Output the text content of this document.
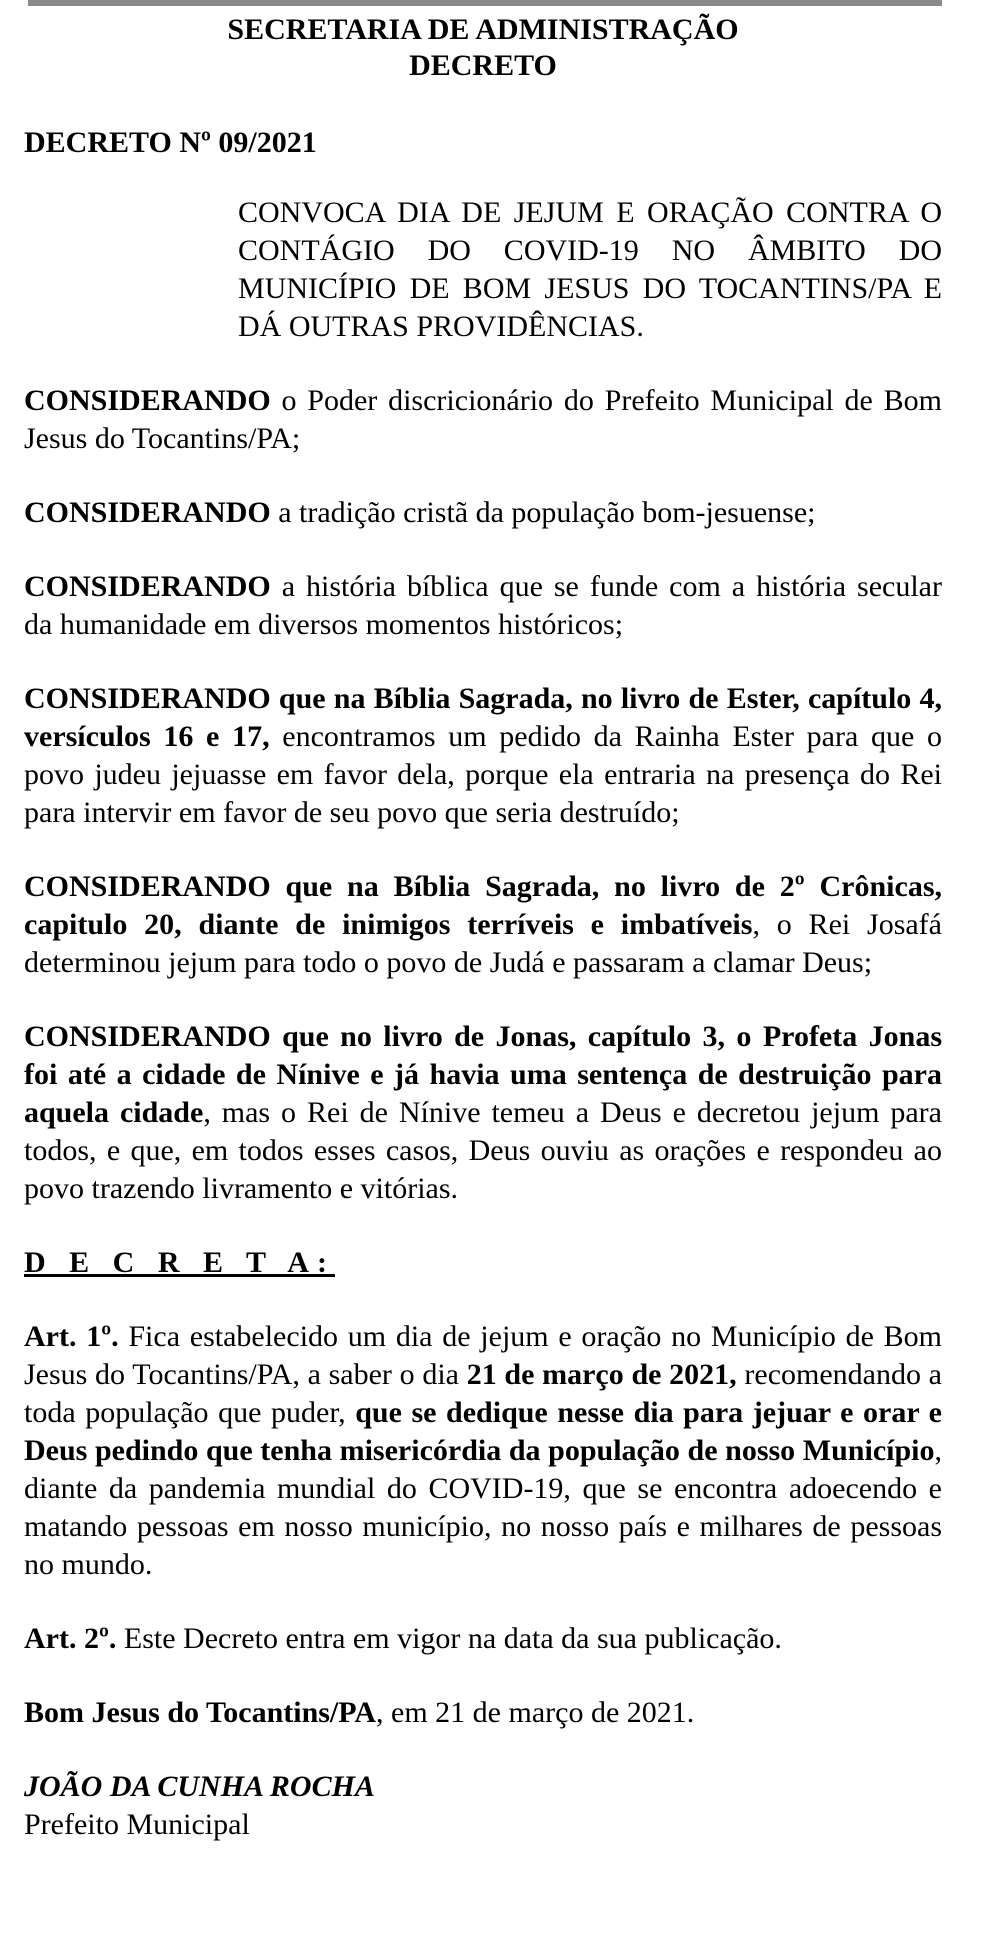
SECRETARIA DE ADMINISTRAÇÃO

DECRETO

DECRETO Nº 09/2021

CONVOCA DIA DE JEJUM E ORAÇÃO CONTRA O CONTÁGIO DO COVID-19 NO ÂMBITO DO MUNICÍPIO DE BOM JESUS DO TOCANTINS/PA E DÁ OUTRAS PROVIDÊNCIAS.

CONSIDERANDO o Poder discricionário do Prefeito Municipal de Bom Jesus do Tocantins/PA;

CONSIDERANDO a tradição cristã da população bom-jesuense;

CONSIDERANDO a história bíblica que se funde com a história secular da humanidade em diversos momentos históricos;

CONSIDERANDO que na Bíblia Sagrada, no livro de Ester, capítulo 4, versículos 16 e 17, encontramos um pedido da Rainha Ester para que o povo judeu jejuasse em favor dela, porque ela entraria na presença do Rei para intervir em favor de seu povo que seria destruído;

CONSIDERANDO que na Bíblia Sagrada, no livro de 2º Crônicas, capitulo 20, diante de inimigos terríveis e imbatíveis, o Rei Josafá determinou jejum para todo o povo de Judá e passaram a clamar Deus;

CONSIDERANDO que no livro de Jonas, capítulo 3, o Profeta Jonas foi até a cidade de Nínive e já havia uma sentença de destruição para aquela cidade, mas o Rei de Nínive temeu a Deus e decretou jejum para todos, e que, em todos esses casos, Deus ouviu as orações e respondeu ao povo trazendo livramento e vitórias.

D E C R E T A:

Art. 1º. Fica estabelecido um dia de jejum e oração no Município de Bom Jesus do Tocantins/PA, a saber o dia 21 de março de 2021, recomendando a toda população que puder, que se dedique nesse dia para jejuar e orar e Deus pedindo que tenha misericórdia da população de nosso Município, diante da pandemia mundial do COVID-19, que se encontra adoecendo e matando pessoas em nosso município, no nosso país e milhares de pessoas no mundo.

Art. 2º. Este Decreto entra em vigor na data da sua publicação.

Bom Jesus do Tocantins/PA, em 21 de março de 2021.

JOÃO DA CUNHA ROCHA

Prefeito Municipal
